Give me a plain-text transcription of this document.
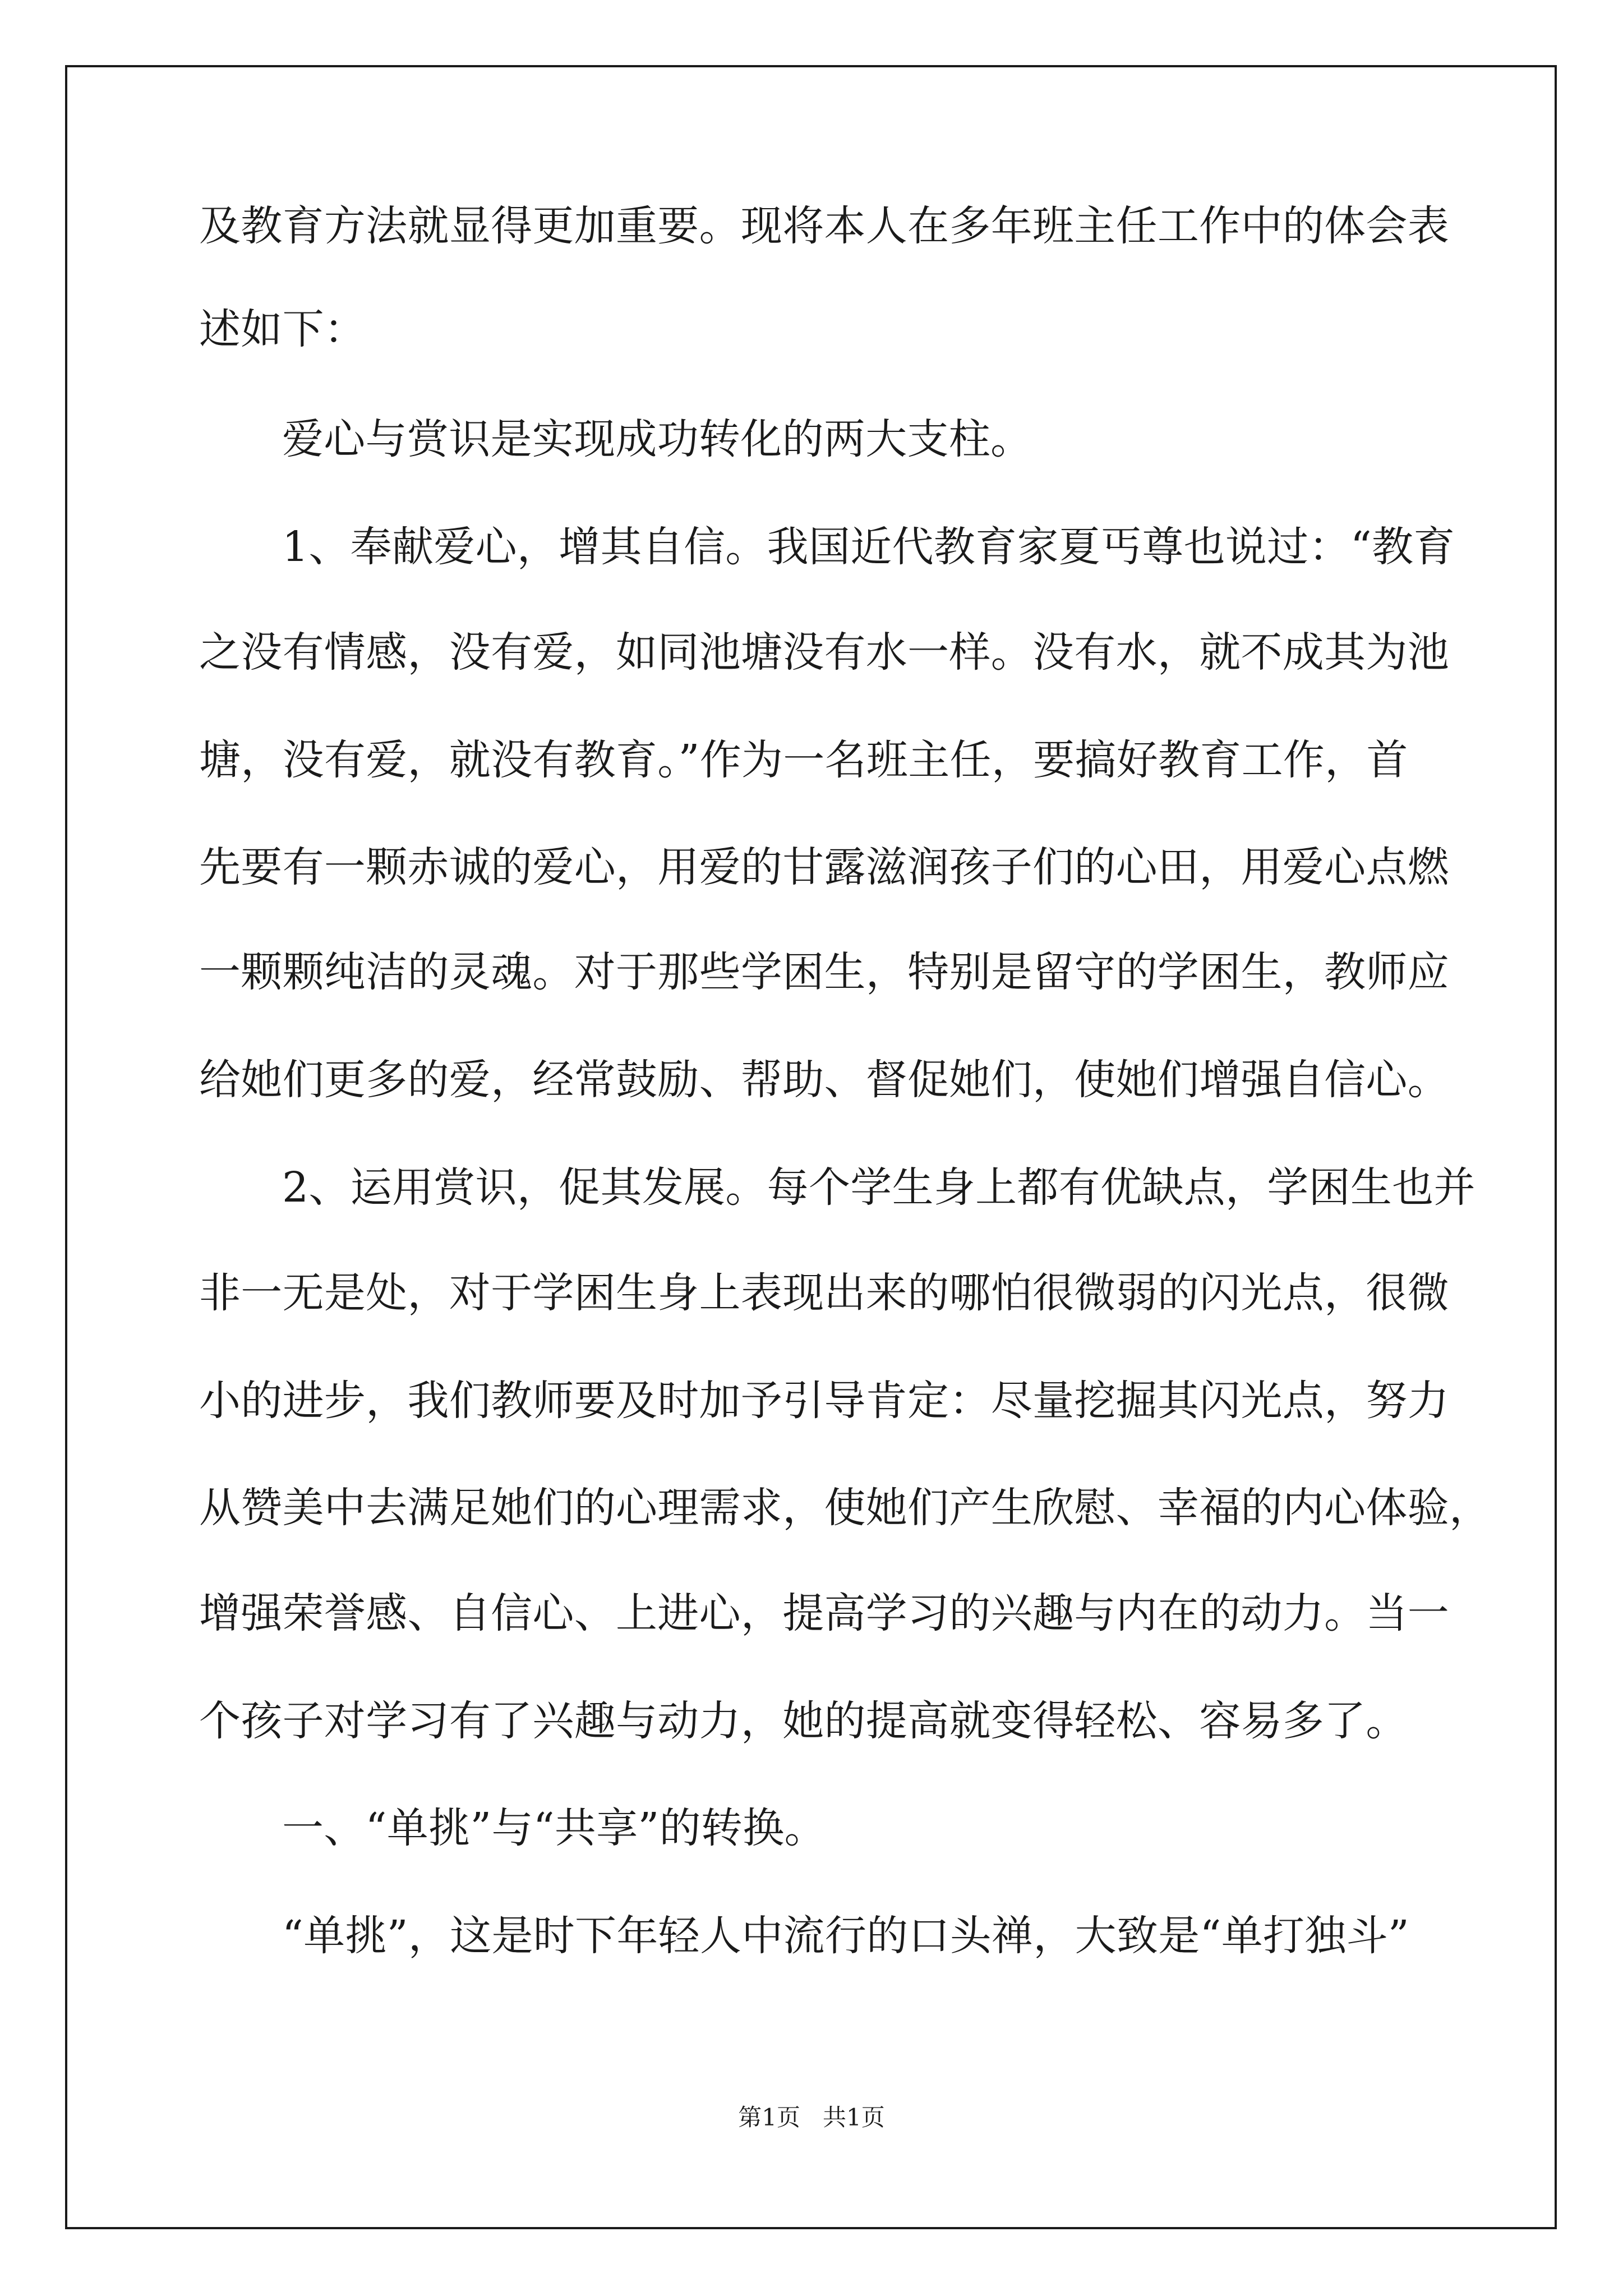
及教育方法就显得更加重要。现将本人在多年班主任工作中的体会表
述如下：
爱心与赏识是实现成功转化的两大支柱。
1、奉献爱心，增其自信。我国近代教育家夏丐尊也说过：“教育
之没有情感，没有爱，如同池塘没有水一样。没有水，就不成其为池
塘，没有爱，就没有教育。”作为一名班主任，要搞好教育工作，首
先要有一颗赤诚的爱心，用爱的甘露滋润孩子们的心田，用爱心点燃
一颗颗纯洁的灵魂。对于那些学困生，特别是留守的学困生，教师应
给她们更多的爱，经常鼓励、帮助、督促她们，使她们增强自信心。
2、运用赏识，促其发展。每个学生身上都有优缺点，学困生也并
非一无是处，对于学困生身上表现出来的哪怕很微弱的闪光点，很微
小的进步，我们教师要及时加予引导肯定：尽量挖掘其闪光点，努力
从赞美中去满足她们的心理需求，使她们产生欣慰、幸福的内心体验，
增强荣誉感、自信心、上进心，提高学习的兴趣与内在的动力。当一
个孩子对学习有了兴趣与动力，她的提高就变得轻松、容易多了。
一、“单挑”与“共享”的转换。
“单挑”，这是时下年轻人中流行的口头禅，大致是“单打独斗”
第1页   共1页
